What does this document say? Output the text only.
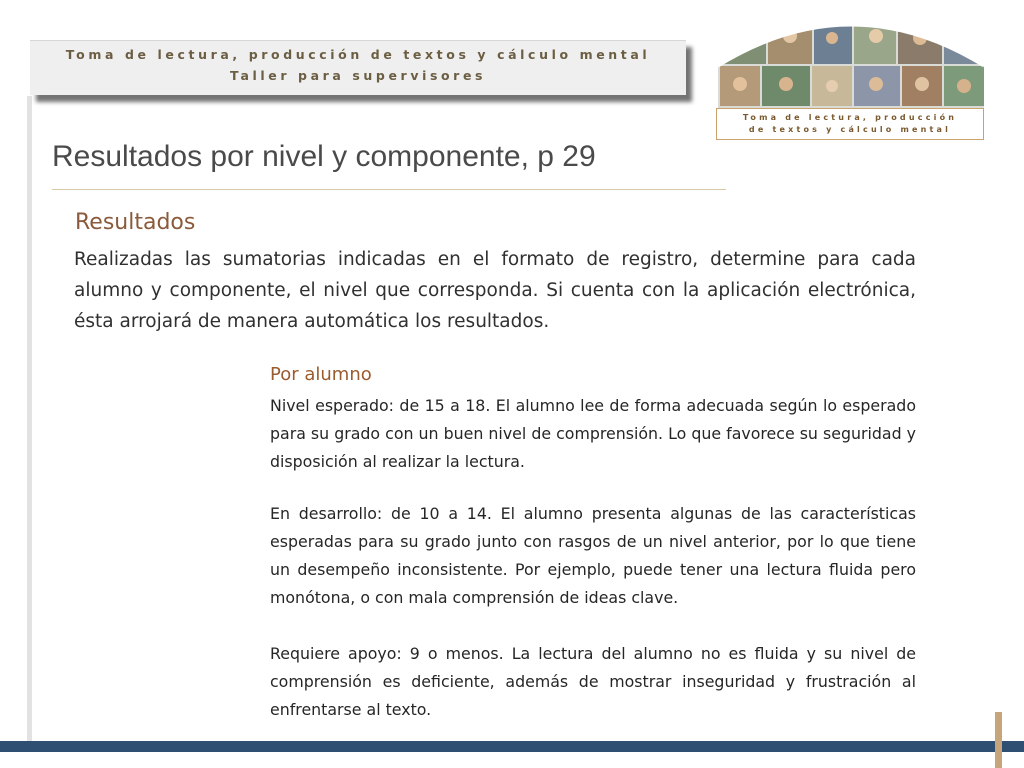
Toma de lectura, producción de textos y cálculo mental
Taller para supervisores
Toma de lectura, producción
de textos y cálculo mental
Resultados por nivel y componente, p 29
Resultados
Realizadas las sumatorias indicadas en el formato de registro, determine para cada alumno y componente, el nivel que corresponda. Si cuenta con la aplicación electrónica, ésta arrojará de manera automática los resultados.
Por alumno
Nivel esperado: de 15 a 18. El alumno lee de forma adecuada según lo esperado para su grado con un buen nivel de comprensión. Lo que favorece su seguridad y disposición al realizar la lectura.
En desarrollo: de 10 a 14. El alumno presenta algunas de las características esperadas para su grado junto con rasgos de un nivel anterior, por lo que tiene un desempeño inconsistente. Por ejemplo, puede tener una lectura fluida pero monótona, o con mala comprensión de ideas clave.
Requiere apoyo: 9 o menos. La lectura del alumno no es fluida y su nivel de comprensión es deficiente, además de mostrar inseguridad y frustración al enfrentarse al texto.
